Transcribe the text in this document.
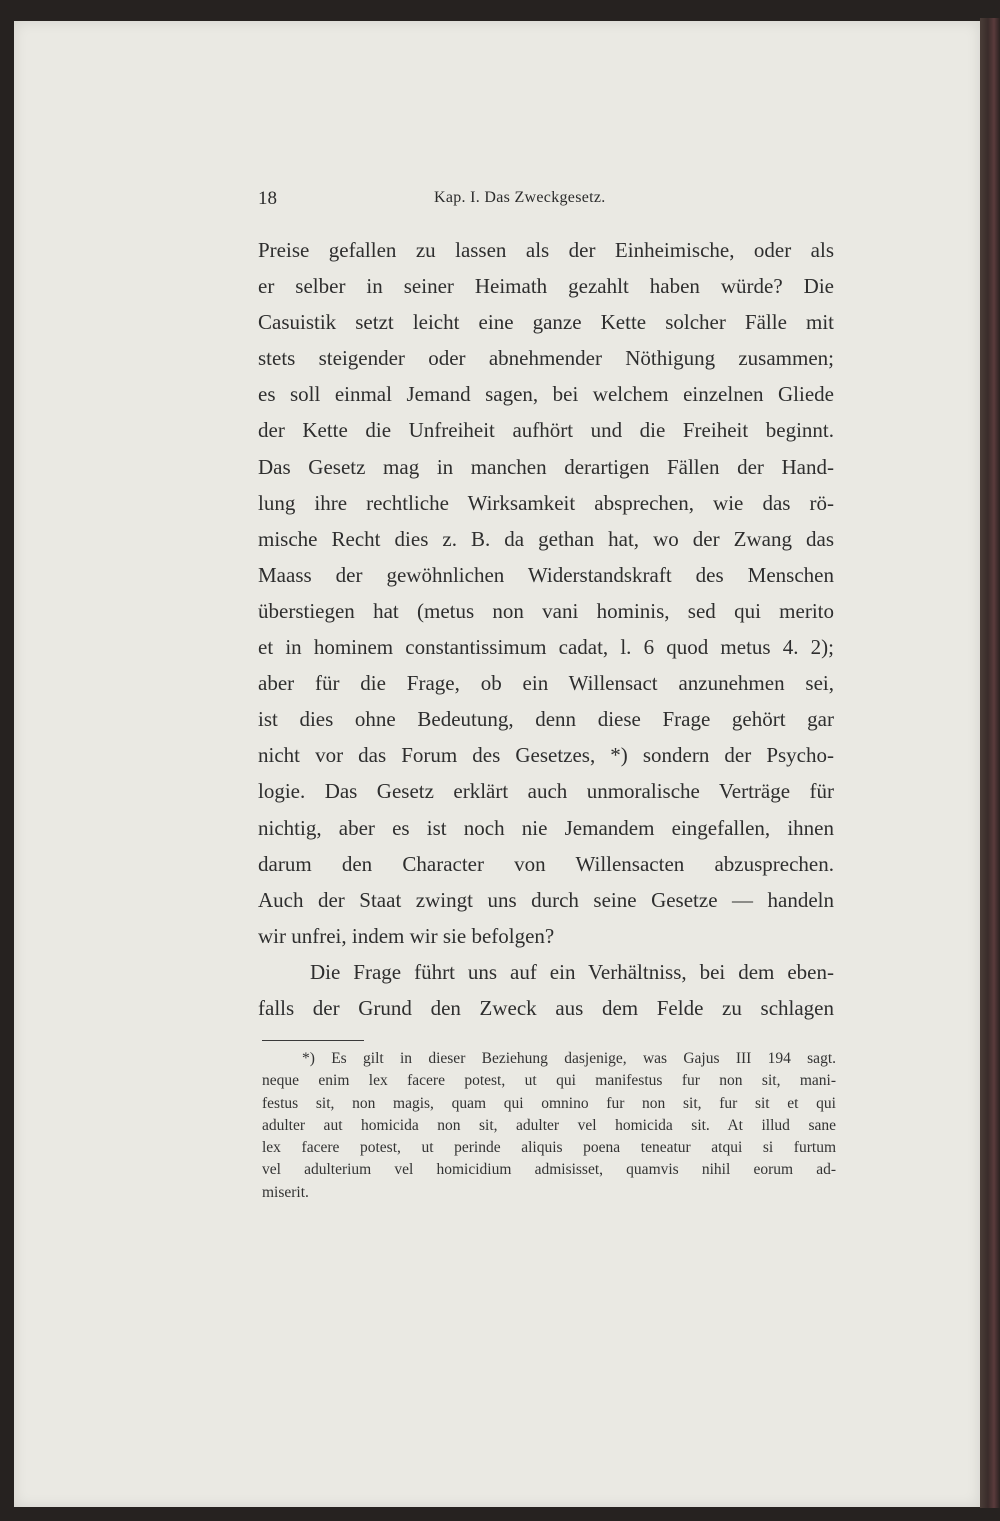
18	Kap. I. Das Zweckgesetz.
Preise gefallen zu lassen als der Einheimische, oder als
er selber in seiner Heimath gezahlt haben würde? Die
Casuistik setzt leicht eine ganze Kette solcher Fälle mit
stets steigender oder abnehmender Nöthigung zusammen;
es soll einmal Jemand sagen, bei welchem einzelnen Gliede
der Kette die Unfreiheit aufhört und die Freiheit beginnt.
Das Gesetz mag in manchen derartigen Fällen der Hand-
lung ihre rechtliche Wirksamkeit absprechen, wie das rö-
mische Recht dies z. B. da gethan hat, wo der Zwang das
Maass der gewöhnlichen Widerstandskraft des Menschen
überstiegen hat (metus non vani hominis, sed qui merito
et in hominem constantissimum cadat, l. 6 quod metus 4. 2);
aber für die Frage, ob ein Willensact anzunehmen sei,
ist dies ohne Bedeutung, denn diese Frage gehört gar
nicht vor das Forum des Gesetzes, *) sondern der Psycho-
logie. Das Gesetz erklärt auch unmoralische Verträge für
nichtig, aber es ist noch nie Jemandem eingefallen, ihnen
darum den Character von Willensacten abzusprechen.
Auch der Staat zwingt uns durch seine Gesetze — handeln
wir unfrei, indem wir sie befolgen?
Die Frage führt uns auf ein Verhältniss, bei dem eben-
falls der Grund den Zweck aus dem Felde zu schlagen
*) Es gilt in dieser Beziehung dasjenige, was Gajus III 194 sagt.
neque enim lex facere potest, ut qui manifestus fur non sit, mani-
festus sit, non magis, quam qui omnino fur non sit, fur sit et qui
adulter aut homicida non sit, adulter vel homicida sit. At illud sane
lex facere potest, ut perinde aliquis poena teneatur atqui si furtum
vel adulterium vel homicidium admisisset, quamvis nihil eorum ad-
miserit.
